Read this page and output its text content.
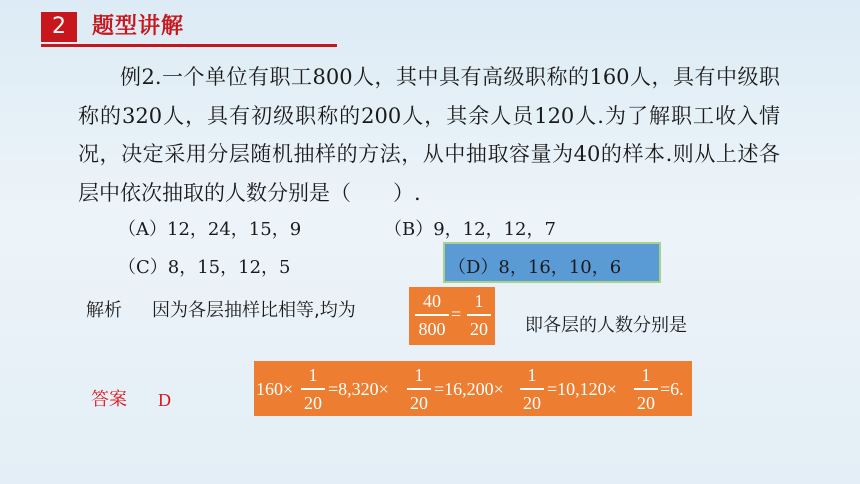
2	题型讲解
例2.一个单位有职工800人，其中具有高级职称的160人，具有中级职称的320人，具有初级职称的200人，其余人员120人.为了解职工收入情况，决定采用分层随机抽样的方法，从中抽取容量为40的样本.则从上述各层中依次抽取的人数分别是（　　）.
（A）12，24，15，9	（B）9，12，12，7
（C）8，15，12，5	（D）8，16，10，6
解析 因为各层抽样比相等,均为	40
800
=
1
20 即各层的人数分别是
答案 D
160×
1
20
=8,320×
1
20
=16,200×
1
20
=10,120×
1
20
=6.
